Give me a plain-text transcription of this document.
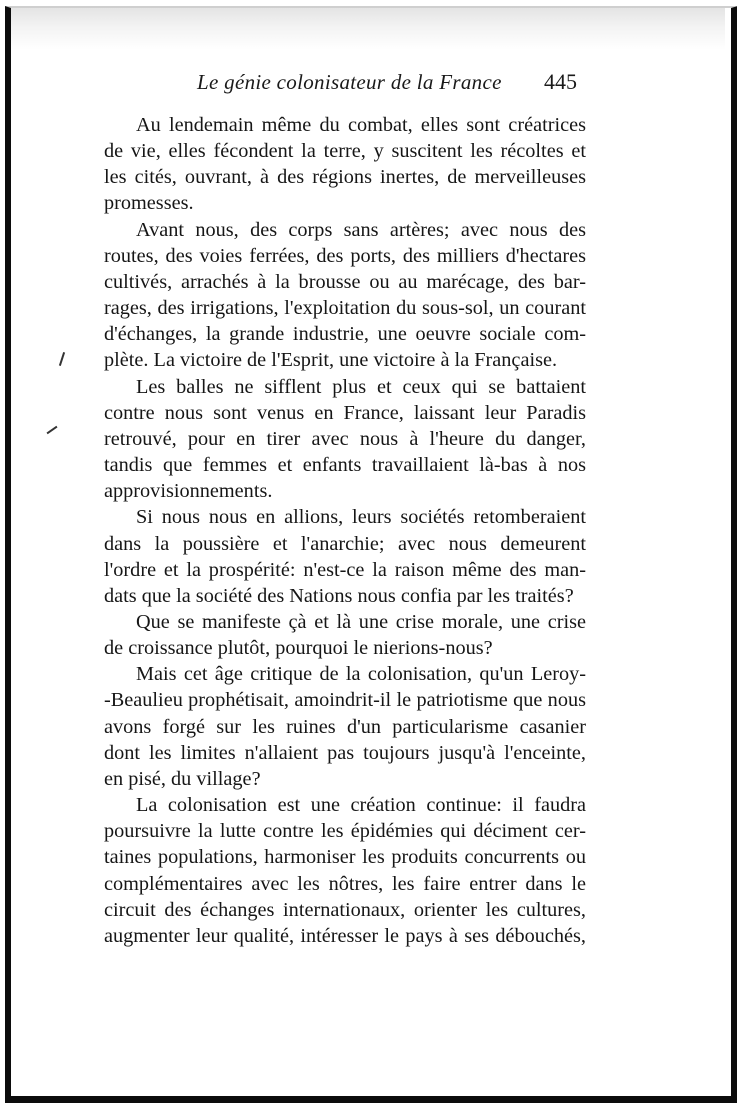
Le génie colonisateur de la France 445
Au lendemain même du combat, elles sont créatrices
de vie, elles fécondent la terre, y suscitent les récoltes et
les cités, ouvrant, à des régions inertes, de merveilleuses
promesses.
Avant nous, des corps sans artères; avec nous des
routes, des voies ferrées, des ports, des milliers d'hectares
cultivés, arrachés à la brousse ou au marécage, des bar-
rages, des irrigations, l'exploitation du sous-sol, un courant
d'échanges, la grande industrie, une oeuvre sociale com-
plète. La victoire de l'Esprit, une victoire à la Française.
Les balles ne sifflent plus et ceux qui se battaient
contre nous sont venus en France, laissant leur Paradis
retrouvé, pour en tirer avec nous à l'heure du danger,
tandis que femmes et enfants travaillaient là-bas à nos
approvisionnements.
Si nous nous en allions, leurs sociétés retomberaient
dans la poussière et l'anarchie; avec nous demeurent
l'ordre et la prospérité: n'est-ce la raison même des man-
dats que la société des Nations nous confia par les traités?
Que se manifeste çà et là une crise morale, une crise
de croissance plutôt, pourquoi le nierions-nous?
Mais cet âge critique de la colonisation, qu'un Leroy-
-Beaulieu prophétisait, amoindrit-il le patriotisme que nous
avons forgé sur les ruines d'un particularisme casanier
dont les limites n'allaient pas toujours jusqu'à l'enceinte,
en pisé, du village?
La colonisation est une création continue: il faudra
poursuivre la lutte contre les épidémies qui déciment cer-
taines populations, harmoniser les produits concurrents ou
complémentaires avec les nôtres, les faire entrer dans le
circuit des échanges internationaux, orienter les cultures,
augmenter leur qualité, intéresser le pays à ses débouchés,
